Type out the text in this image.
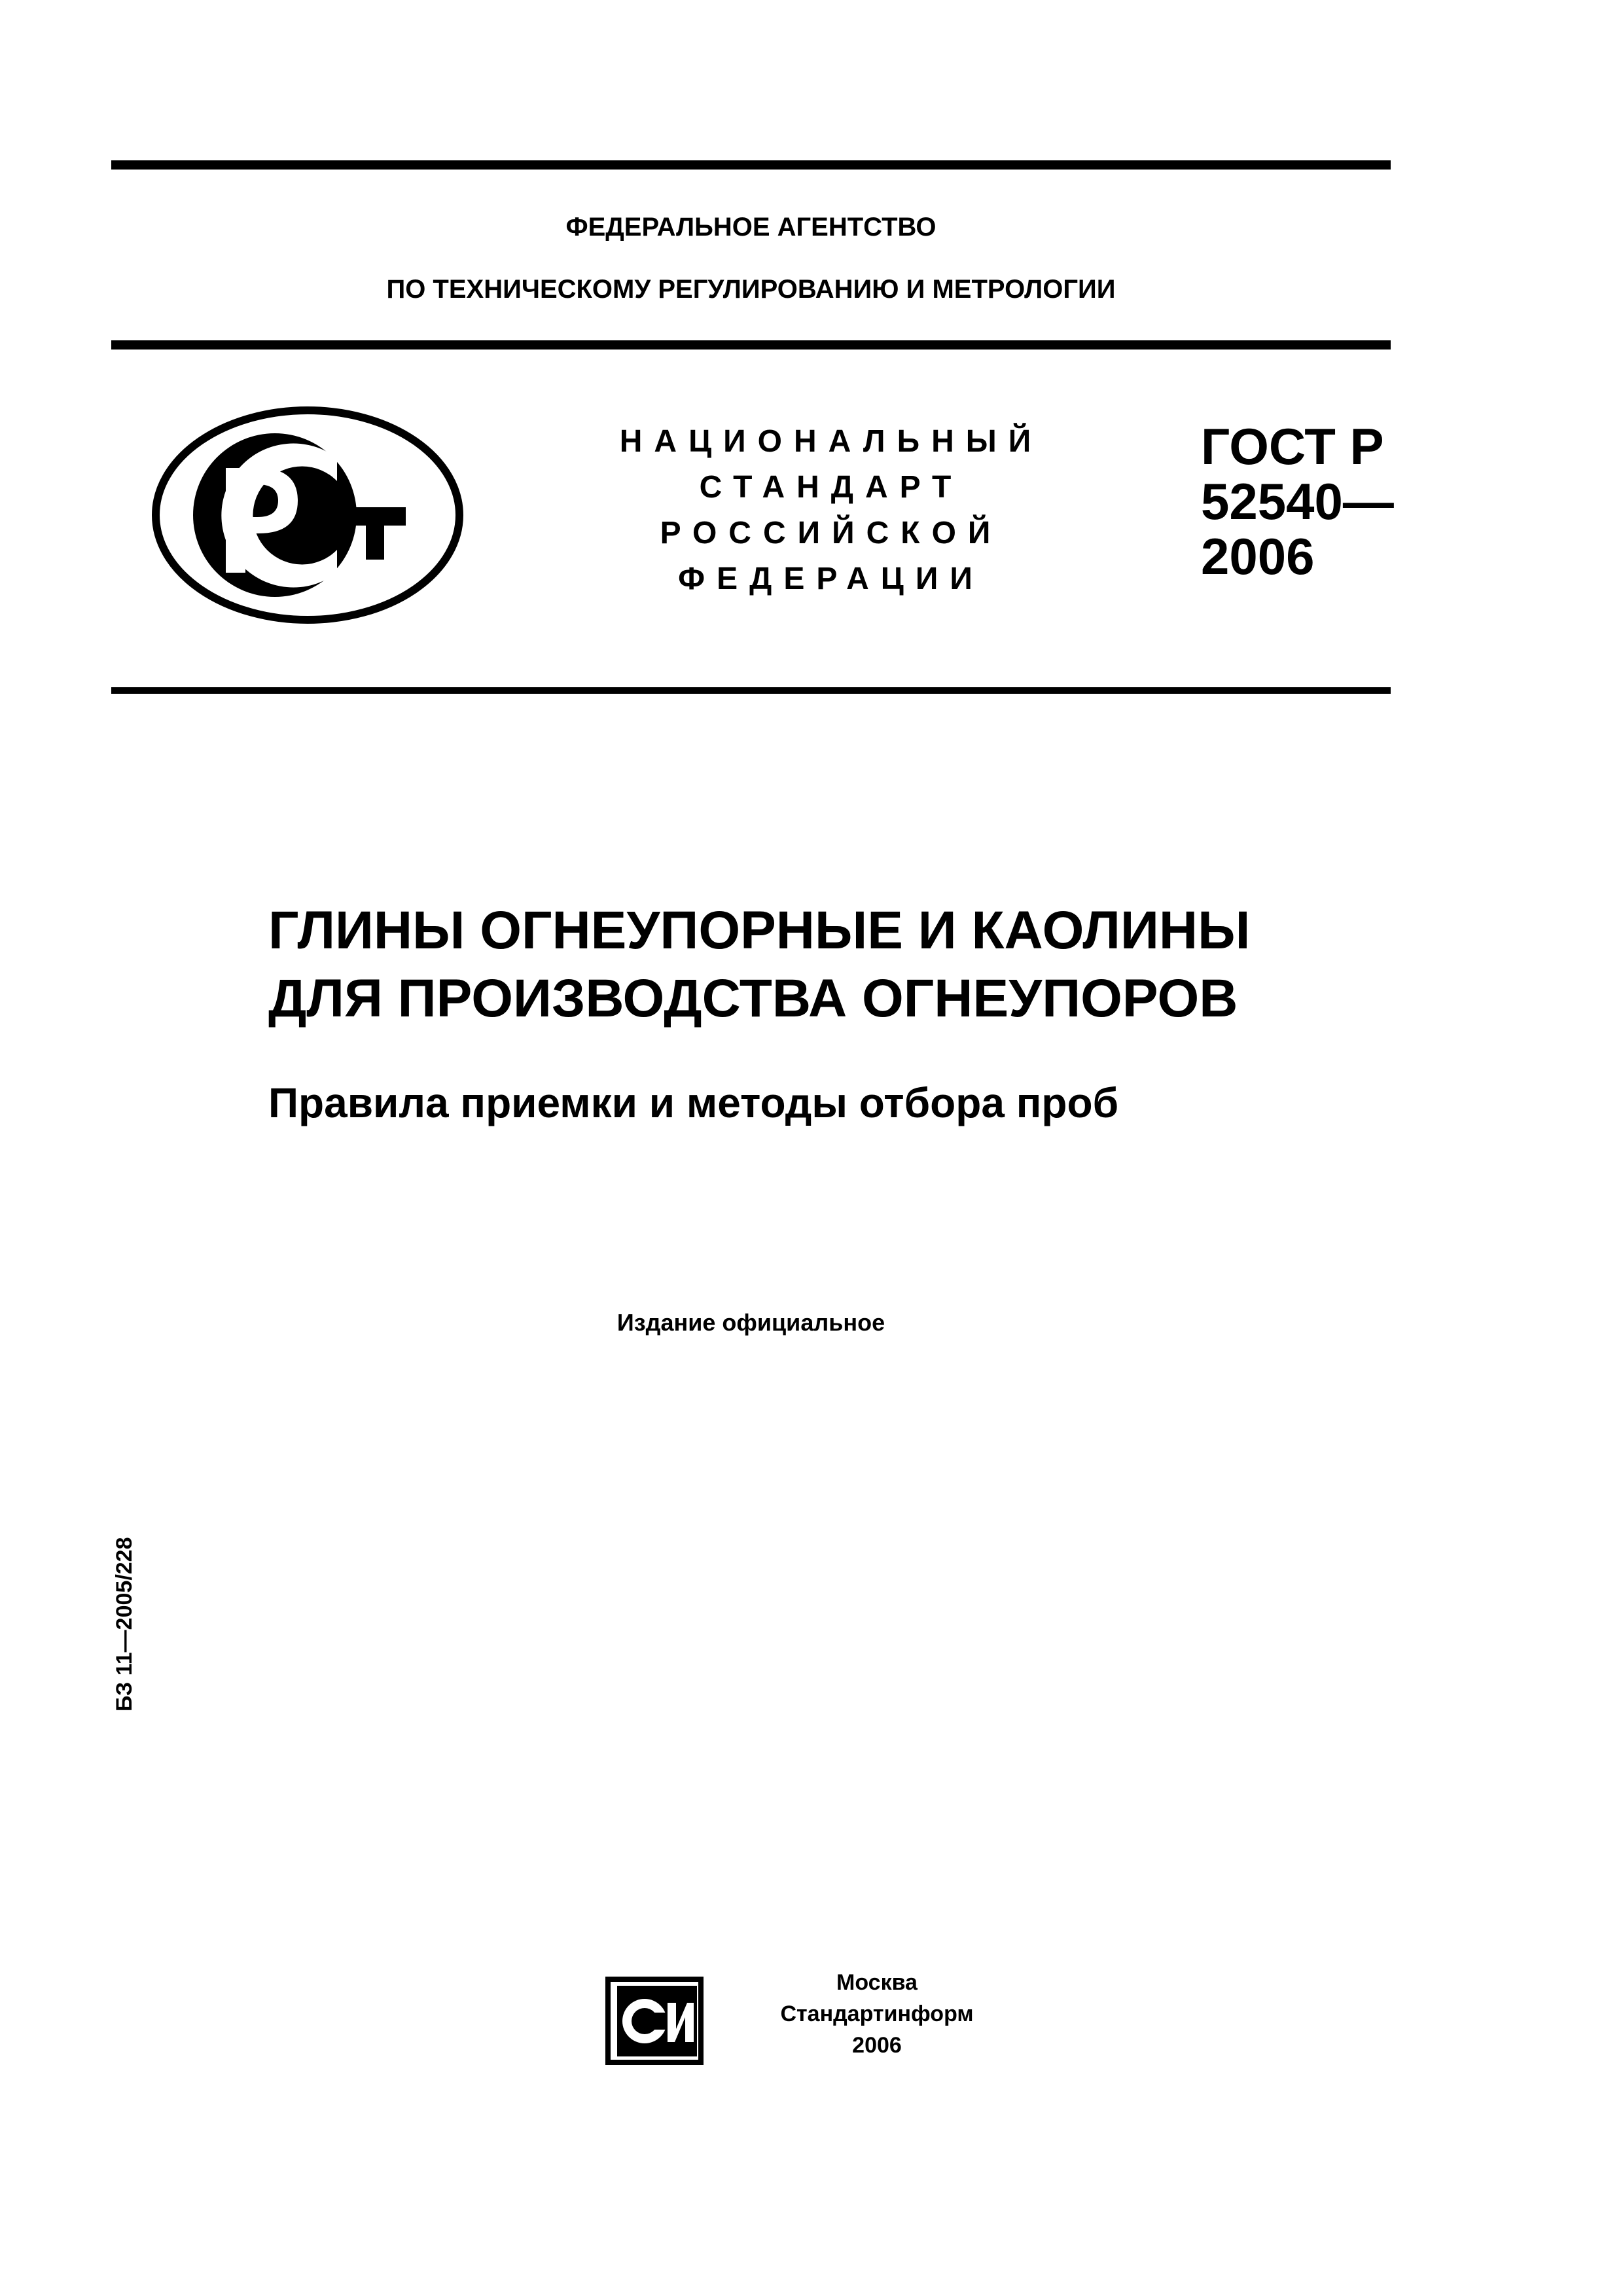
ФЕДЕРАЛЬНОЕ АГЕНТСТВО
ПО ТЕХНИЧЕСКОМУ РЕГУЛИРОВАНИЮ И МЕТРОЛОГИИ
НАЦИОНАЛЬНЫЙ
СТАНДАРТ
РОССИЙСКОЙ
ФЕДЕРАЦИИ
ГОСТ Р
52540—
2006
ГЛИНЫ ОГНЕУПОРНЫЕ И КАОЛИНЫ
ДЛЯ ПРОИЗВОДСТВА ОГНЕУПОРОВ
Правила приемки и методы отбора проб
Издание официальное
БЗ 11—2005/228
Москва
Стандартинформ
2006
